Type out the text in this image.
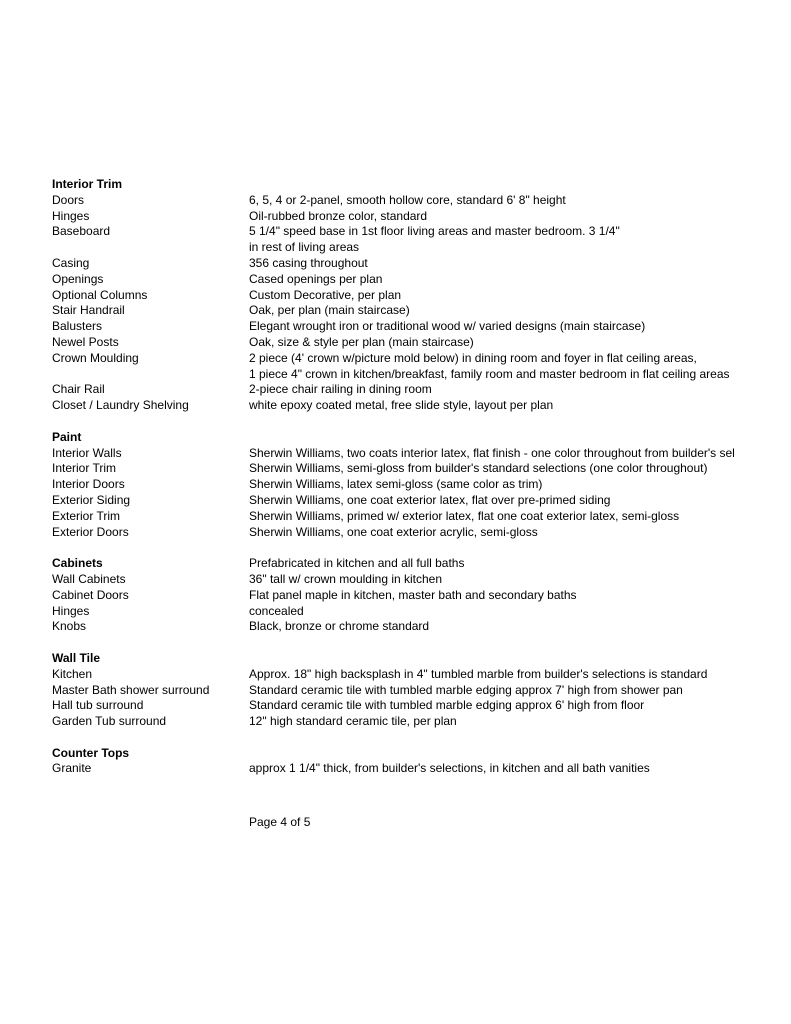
Interior Trim
Doors	6, 5, 4 or 2-panel, smooth hollow core, standard 6' 8" height
Hinges	Oil-rubbed bronze color, standard
Baseboard	5 1/4" speed base in 1st floor living areas and master bedroom. 3 1/4"
in rest of living areas
Casing	356 casing throughout
Openings	Cased openings per plan
Optional Columns	Custom Decorative, per plan
Stair Handrail	Oak, per plan (main staircase)
Balusters	Elegant wrought iron or traditional wood w/ varied designs (main staircase)
Newel Posts	Oak, size & style per plan (main staircase)
Crown Moulding	2 piece (4' crown w/picture mold below) in dining room and foyer in flat ceiling areas,
1 piece 4" crown in kitchen/breakfast, family room and master bedroom in flat ceiling areas
Chair Rail	2-piece chair railing in dining room
Closet / Laundry Shelving	white epoxy coated metal, free slide style, layout per plan
Paint
Interior Walls	Sherwin Williams, two coats interior latex, flat finish - one color throughout from builder's sel
Interior Trim	Sherwin Williams, semi-gloss from builder's standard selections (one color throughout)
Interior Doors	Sherwin Williams, latex semi-gloss (same color as trim)
Exterior Siding	Sherwin Williams, one coat exterior latex, flat over pre-primed siding
Exterior Trim	Sherwin Williams, primed w/ exterior latex, flat one coat exterior latex, semi-gloss
Exterior Doors	Sherwin Williams, one coat exterior acrylic, semi-gloss
Cabinets	Prefabricated in kitchen and all full baths
Wall Cabinets	36" tall w/ crown moulding in kitchen
Cabinet Doors	Flat panel maple in kitchen, master bath and secondary baths
Hinges	concealed
Knobs	Black, bronze or chrome standard
Wall Tile
Kitchen	Approx. 18" high backsplash in 4" tumbled marble from builder's selections is standard
Master Bath shower surround	Standard ceramic tile with tumbled marble edging approx 7' high from shower pan
Hall tub surround	Standard ceramic tile with tumbled marble edging approx 6' high from floor
Garden Tub surround	12" high standard ceramic tile, per plan
Counter Tops
Granite	approx 1 1/4" thick, from builder's selections, in kitchen and all bath vanities
Page 4 of 5
